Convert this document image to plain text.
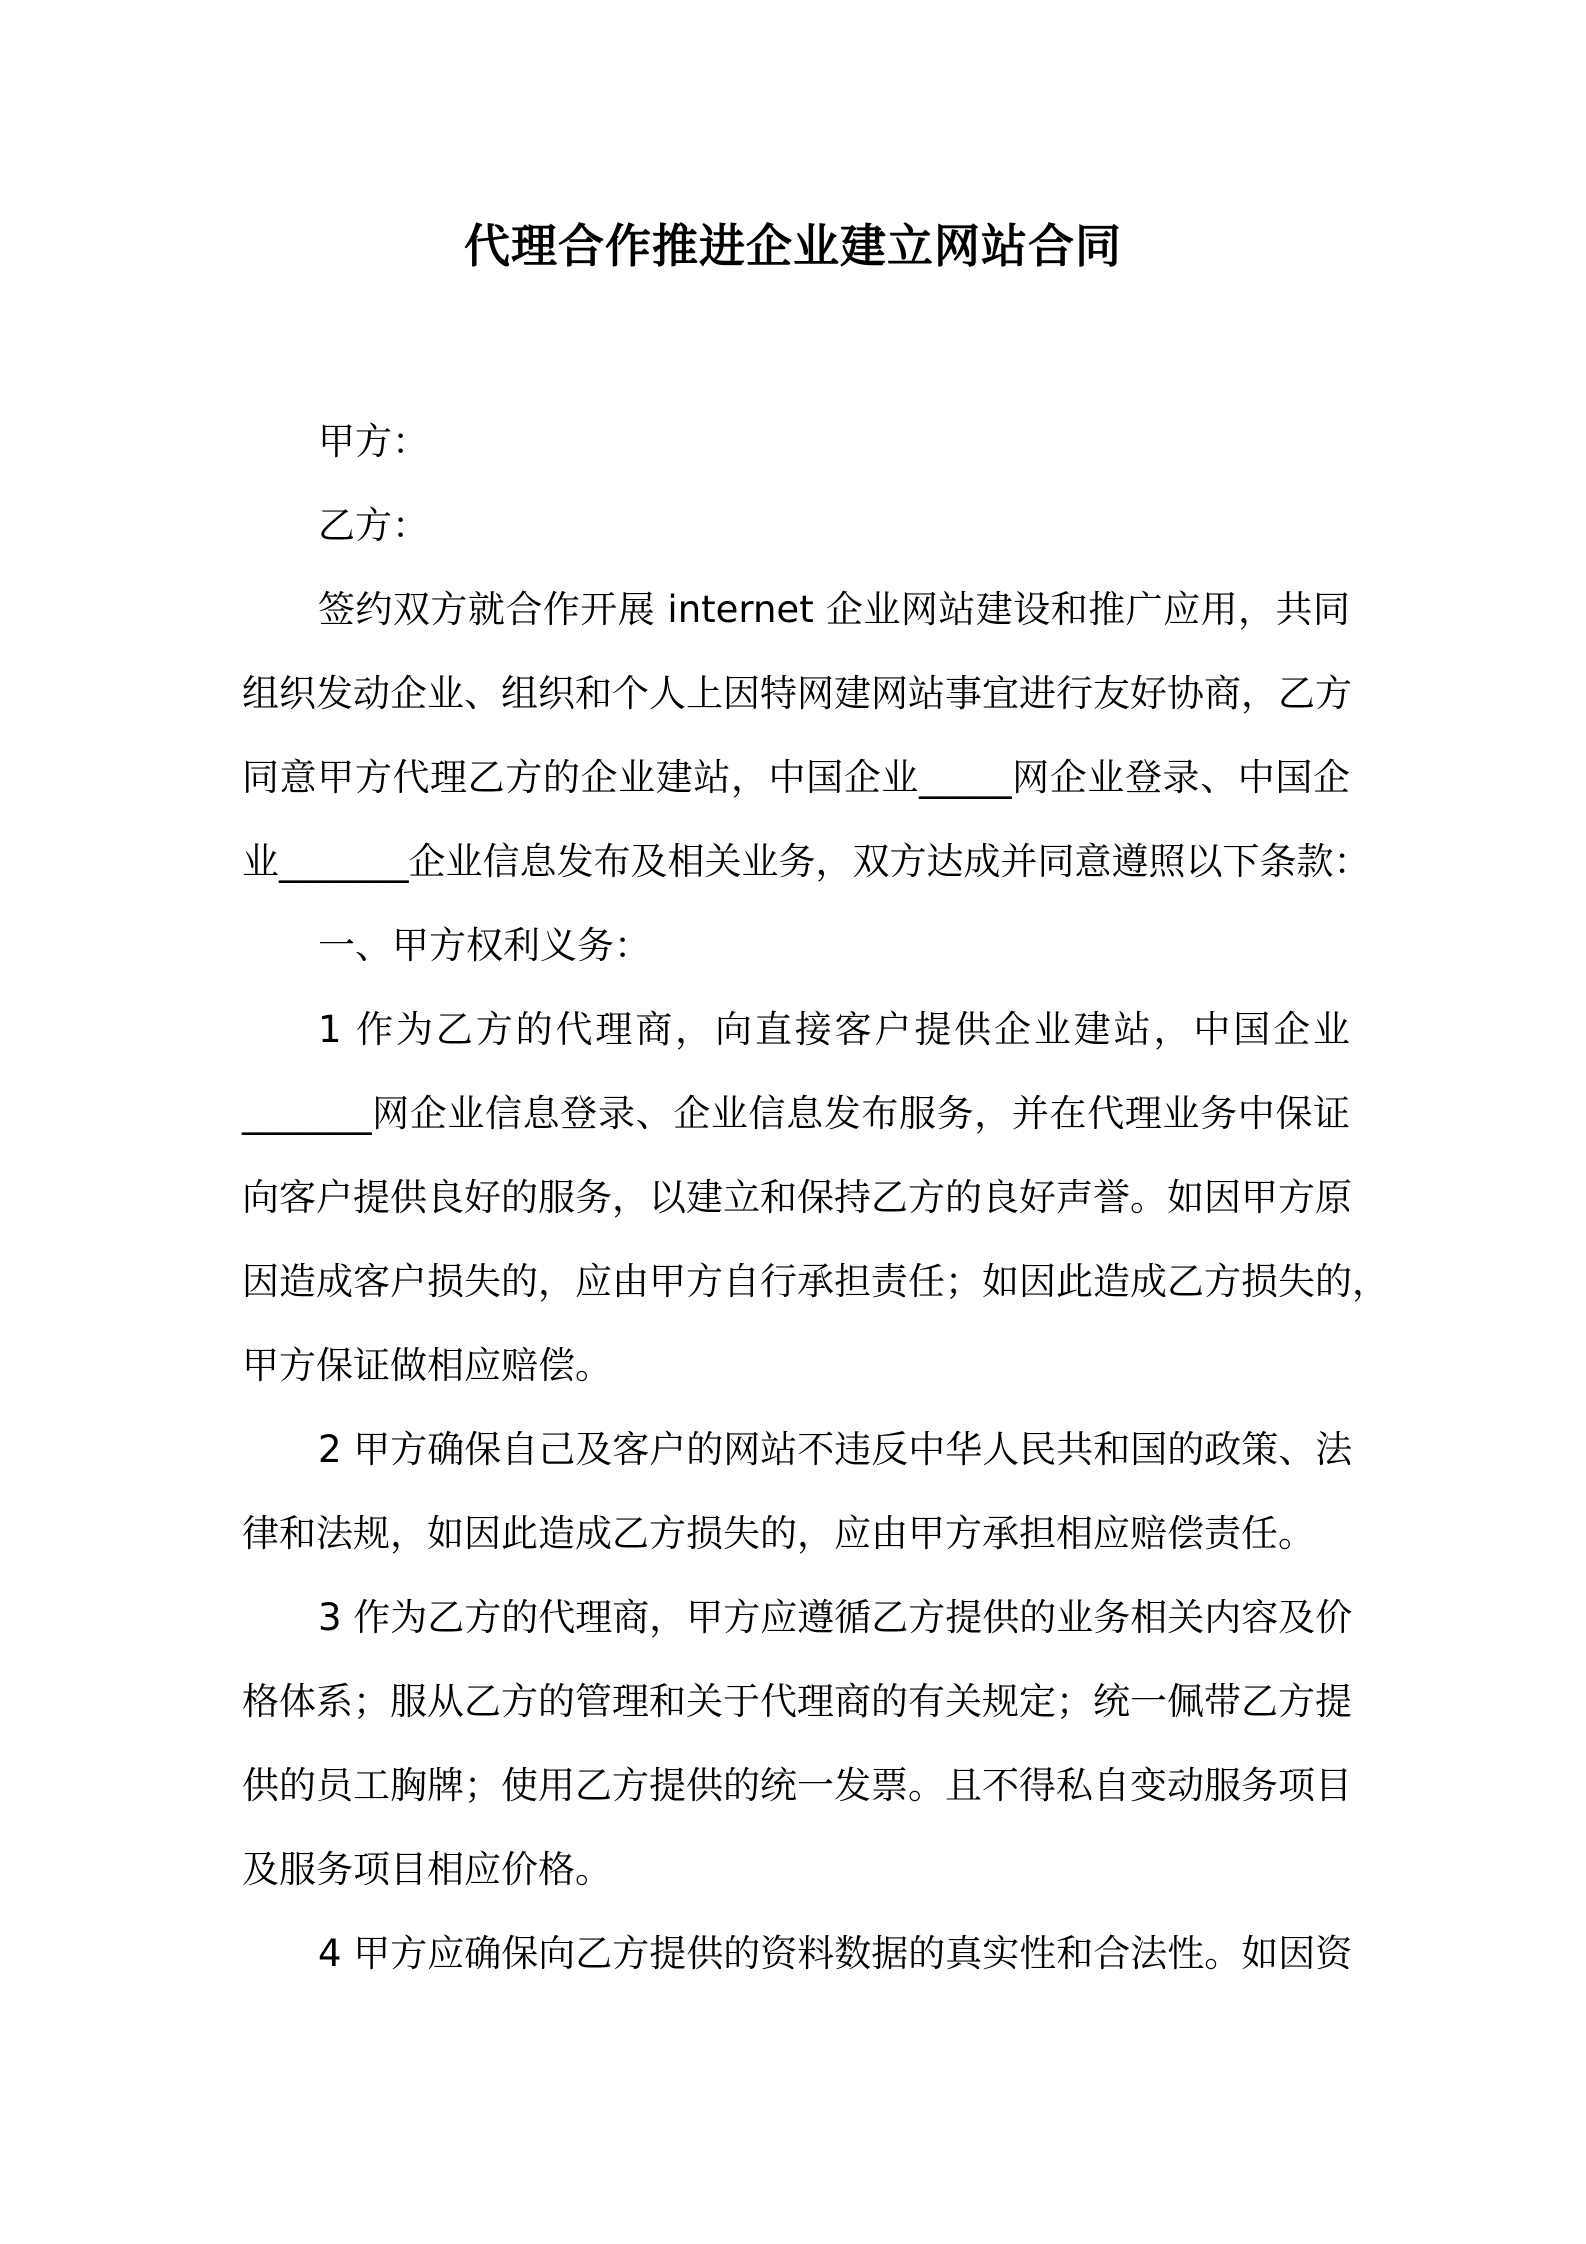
代理合作推进企业建立网站合同
甲方：
乙方：
签约双方就合作开展 internet 企业网站建设和推广应用，共同
组织发动企业、组织和个人上因特网建网站事宜进行友好协商，乙方
同意甲方代理乙方的企业建站，中国企业_____网企业登录、中国企
业_______企业信息发布及相关业务，双方达成并同意遵照以下条款：
一、甲方权利义务：
1 作为乙方的代理商，向直接客户提供企业建站，中国企业
_______网企业信息登录、企业信息发布服务，并在代理业务中保证
向客户提供良好的服务，以建立和保持乙方的良好声誉。如因甲方原
因造成客户损失的，应由甲方自行承担责任；如因此造成乙方损失的，
甲方保证做相应赔偿。
2 甲方确保自己及客户的网站不违反中华人民共和国的政策、法
律和法规，如因此造成乙方损失的，应由甲方承担相应赔偿责任。
3 作为乙方的代理商，甲方应遵循乙方提供的业务相关内容及价
格体系；服从乙方的管理和关于代理商的有关规定；统一佩带乙方提
供的员工胸牌；使用乙方提供的统一发票。且不得私自变动服务项目
及服务项目相应价格。
4 甲方应确保向乙方提供的资料数据的真实性和合法性。如因资
